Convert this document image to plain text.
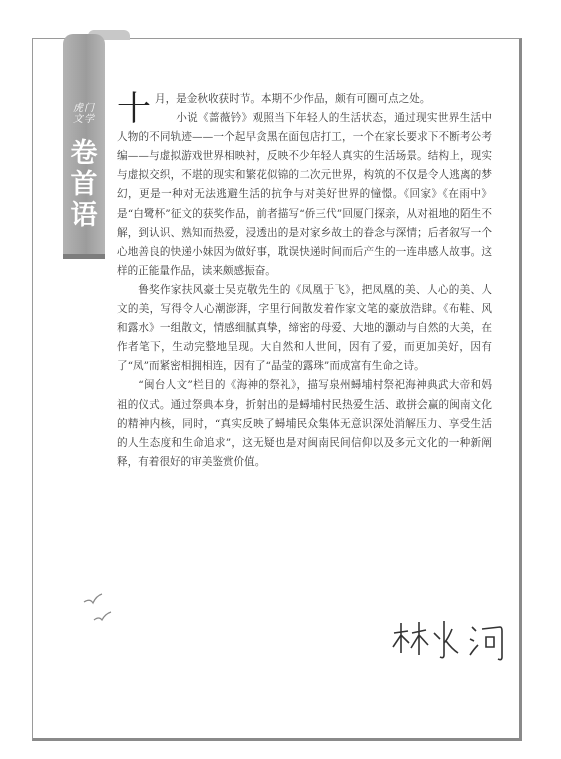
虎门
文学
卷
首
语

十月，是金秋收获时节。本期不少作品，颇有可圈可点之处。

小说《蔷薇钤》观照当下年轻人的生活状态，通过现实世界生活中人物的不同轨迹——一个起早贪黑在面包店打工，一个在家长要求下不断考公考编——与虚拟游戏世界相映衬，反映不少年轻人真实的生活场景。结构上，现实与虚拟交织，不堪的现实和繁花似锦的二次元世界，构筑的不仅是令人逃离的梦幻，更是一种对无法逃避生活的抗争与对美好世界的憧憬。《回家》《在雨中》是“白鹭杯”征文的获奖作品，前者描写“侨三代”回厦门探亲，从对祖地的陌生不解，到认识、熟知而热爱，浸透出的是对家乡故土的眷念与深情；后者叙写一个心地善良的快递小妹因为做好事，耽误快递时间而后产生的一连串感人故事。这样的正能量作品，读来颇感振奋。

鲁奖作家扶风豪士吴克敬先生的《凤凰于飞》，把凤凰的美、人心的美、人文的美，写得令人心潮澎湃，字里行间散发着作家文笔的豪放浩肆。《布鞋、风和露水》一组散文，情感细腻真挚，缔密的母爱、大地的灏动与自然的大美，在作者笔下，生动完整地呈现。大自然和人世间，因有了爱，而更加美好，因有了“凤”而紧密相拥相连，因有了“晶莹的露珠”而成富有生命之诗。

“闽台人文”栏目的《海神的祭礼》，描写泉州蟳埔村祭祀海神典武大帝和妈祖的仪式。通过祭典本身，折射出的是蟳埔村民热爱生活、敢拼会赢的闽南文化的精神内核，同时，“真实反映了蟳埔民众集体无意识深处消解压力、享受生活的人生态度和生命追求”，这无疑也是对闽南民间信仰以及多元文化的一种新阐释，有着很好的审美鉴赏价值。
